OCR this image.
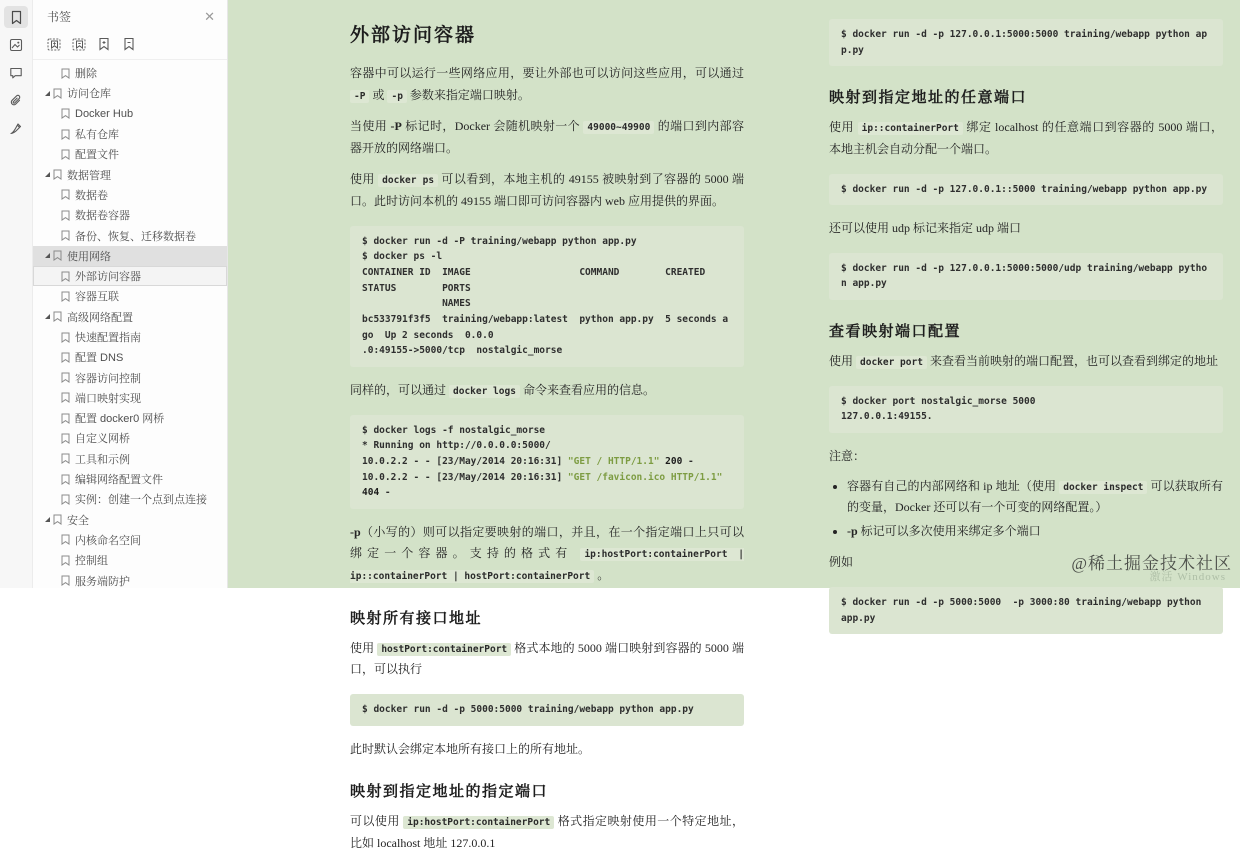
书签	✕
删除
访问仓库
Docker Hub
私有仓库
配置文件
数据管理
数据卷
数据卷容器
备份、恢复、迁移数据卷
使用网络
外部访问容器
容器互联
高级网络配置
快速配置指南
配置 DNS
容器访问控制
端口映射实现
配置 docker0 网桥
自定义网桥
工具和示例
编辑网络配置文件
实例：创建一个点到点连接
安全
内核命名空间
控制组
服务端防护
外部访问容器

容器中可以运行一些网络应用，要让外部也可以访问这些应用，可以通过 -P 或 -p 参数来指定端口映射。

当使用 -P 标记时，Docker 会随机映射一个 49000~49900 的端口到内部容器开放的网络端口。

使用 docker ps 可以看到，本地主机的 49155 被映射到了容器的 5000 端口。此时访问本机的 49155 端口即可访问容器内 web 应用提供的界面。

$ docker run -d -P training/webapp python app.py
$ docker ps -l
CONTAINER ID  IMAGE                   COMMAND        CREATED        STATUS        PORTS
NAMES
bc533791f3f5  training/webapp:latest  python app.py  5 seconds ago  Up 2 seconds  0.0.0
.0:49155->5000/tcp  nostalgic_morse

同样的，可以通过 docker logs 命令来查看应用的信息。

$ docker logs -f nostalgic_morse
* Running on http://0.0.0.0:5000/
10.0.2.2 - - [23/May/2014 20:16:31] "GET / HTTP/1.1" 200 -
10.0.2.2 - - [23/May/2014 20:16:31] "GET /favicon.ico HTTP/1.1" 404 -

-p（小写的）则可以指定要映射的端口，并且，在一个指定端口上只可以绑定一个容器。支持的格式有 ip:hostPort:containerPort | ip::containerPort | hostPort:containerPort 。

映射所有接口地址

使用 hostPort:containerPort 格式本地的 5000 端口映射到容器的 5000 端口，可以执行

$ docker run -d -p 5000:5000 training/webapp python app.py

此时默认会绑定本地所有接口上的所有地址。

映射到指定地址的指定端口

可以使用 ip:hostPort:containerPort 格式指定映射使用一个特定地址，比如 localhost 地址 127.0.0.1

$ docker run -d -p 127.0.0.1:5000:5000 training/webapp python app.py
映射到指定地址的任意端口

使用 ip::containerPort 绑定 localhost 的任意端口到容器的 5000 端口，本地主机会自动分配一个端口。

$ docker run -d -p 127.0.0.1::5000 training/webapp python app.py

还可以使用 udp 标记来指定 udp 端口

$ docker run -d -p 127.0.0.1:5000:5000/udp training/webapp python app.py
查看映射端口配置

使用 docker port 来查看当前映射的端口配置，也可以查看到绑定的地址

$ docker port nostalgic_morse 5000
127.0.0.1:49155.

注意：

• 容器有自己的内部网络和 ip 地址（使用 docker inspect 可以获取所有的变量，Docker 还可以有一个可变的网络配置。）
• -p 标记可以多次使用来绑定多个端口

例如

$ docker run -d -p 5000:5000  -p 3000:80 training/webapp python app.py
@稀土掘金技术社区
激活 Windows
